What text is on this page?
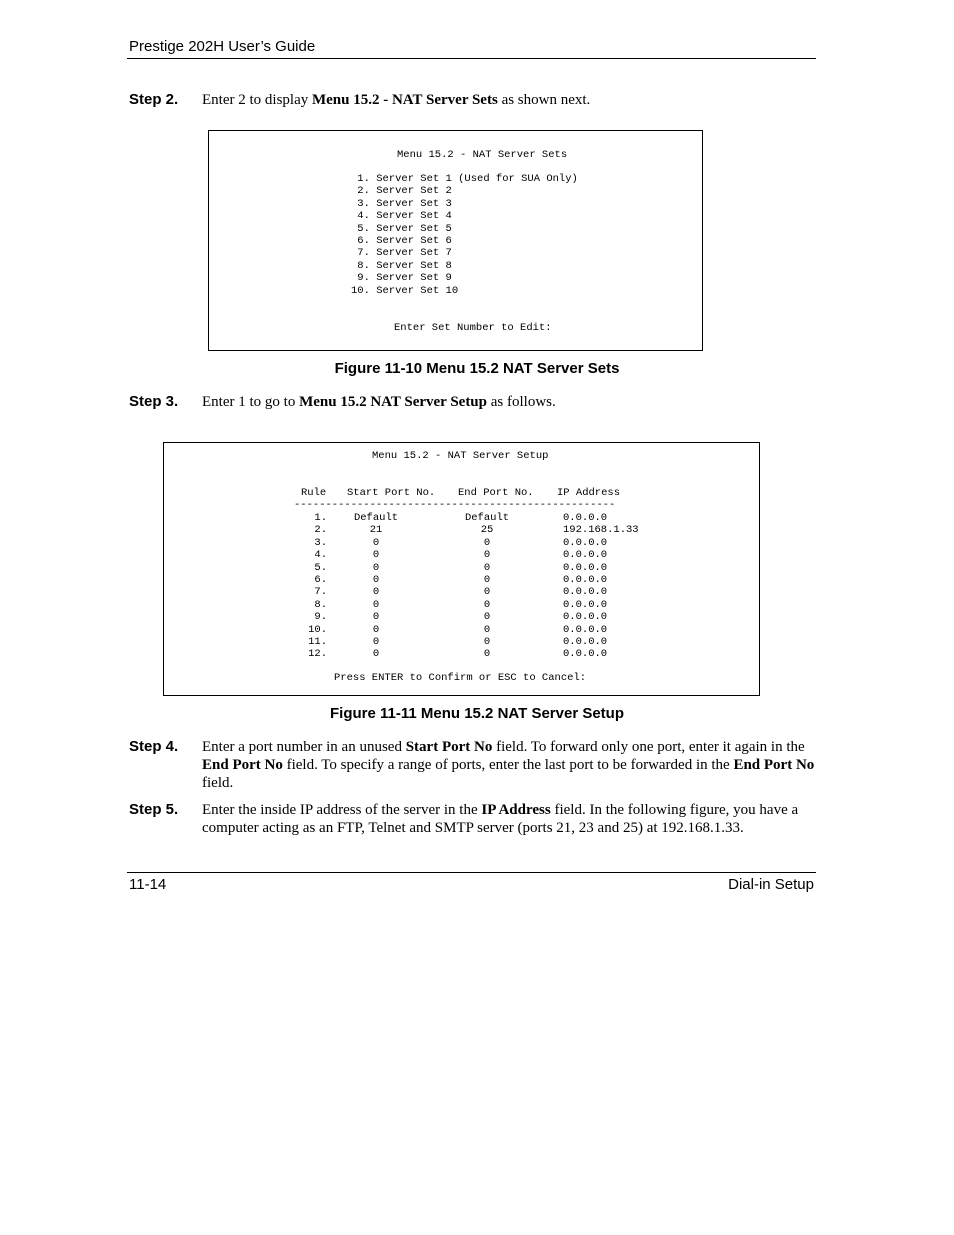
Prestige 202H User’s Guide
Step 2. Enter 2 to display Menu 15.2 - NAT Server Sets as shown next.
Menu 15.2 - NAT Server Sets
1. Server Set 1 (Used for SUA Only)
2. Server Set 2
3. Server Set 3
4. Server Set 4
5. Server Set 5
6. Server Set 6
7. Server Set 7
8. Server Set 8
9. Server Set 9
10. Server Set 10
Enter Set Number to Edit:
Figure 11-10 Menu 15.2 NAT Server Sets
Step 3. Enter 1 to go to Menu 15.2 NAT Server Setup as follows.
Menu 15.2 - NAT Server Setup
Rule Start Port No. End Port No. IP Address
---------------------------------------------------
1.	Default	Default	0.0.0.0
2.	21	25	192.168.1.33
3.	0	0	0.0.0.0
4.	0	0	0.0.0.0
5.	0	0	0.0.0.0
6.	0	0	0.0.0.0
7.	0	0	0.0.0.0
8.	0	0	0.0.0.0
9.	0	0	0.0.0.0
10.	0	0	0.0.0.0
11.	0	0	0.0.0.0
12.	0	0	0.0.0.0
Press ENTER to Confirm or ESC to Cancel:
Figure 11-11 Menu 15.2 NAT Server Setup
Step 4. Enter a port number in an unused Start Port No field. To forward only one port, enter it again in the End Port No field. To specify a range of ports, enter the last port to be forwarded in the End Port No field.
Step 5. Enter the inside IP address of the server in the IP Address field. In the following figure, you have a computer acting as an FTP, Telnet and SMTP server (ports 21, 23 and 25) at 192.168.1.33.
11-14	Dial-in Setup
